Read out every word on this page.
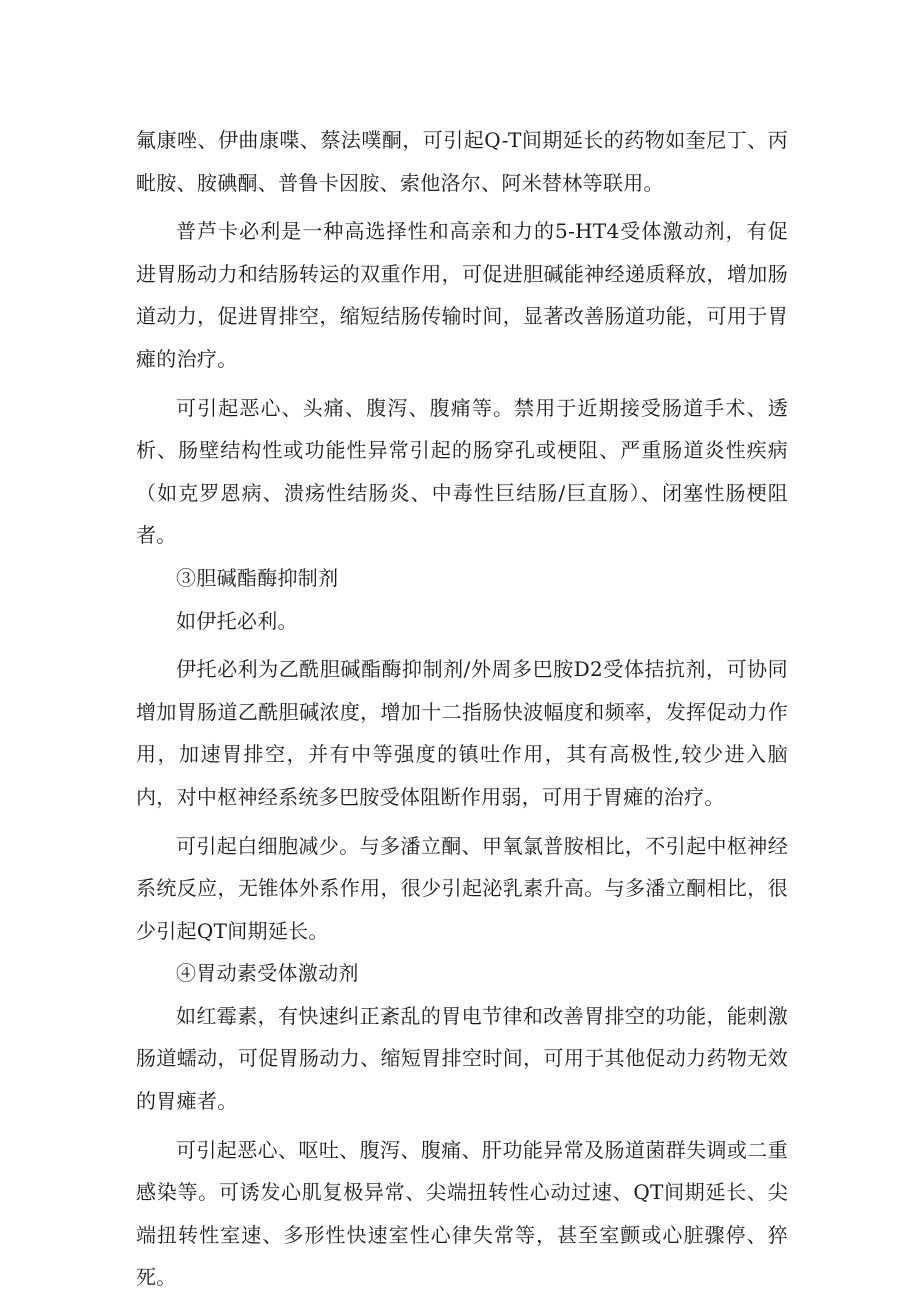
氟康唑、伊曲康喋、蔡法噗酮，可引起Q-T间期延长的药物如奎尼丁、丙毗胺、胺碘酮、普鲁卡因胺、索他洛尔、阿米替林等联用。

普芦卡必利是一种高选择性和高亲和力的5-HT4受体激动剂，有促进胃肠动力和结肠转运的双重作用，可促进胆碱能神经递质释放，增加肠道动力，促进胃排空，缩短结肠传输时间，显著改善肠道功能，可用于胃瘫的治疗。

可引起恶心、头痛、腹泻、腹痛等。禁用于近期接受肠道手术、透析、肠壁结构性或功能性异常引起的肠穿孔或梗阻、严重肠道炎性疾病（如克罗恩病、溃疡性结肠炎、中毒性巨结肠/巨直肠）、闭塞性肠梗阻者。

③胆碱酯酶抑制剂

如伊托必利。

伊托必利为乙酰胆碱酯酶抑制剂/外周多巴胺D2受体拮抗剂，可协同增加胃肠道乙酰胆碱浓度，增加十二指肠快波幅度和频率，发挥促动力作用，加速胃排空，并有中等强度的镇吐作用，其有高极性,较少进入脑内，对中枢神经系统多巴胺受体阻断作用弱，可用于胃瘫的治疗。

可引起白细胞减少。与多潘立酮、甲氧氯普胺相比，不引起中枢神经系统反应，无锥体外系作用，很少引起泌乳素升高。与多潘立酮相比，很少引起QT间期延长。

④胃动素受体激动剂

如红霉素，有快速纠正紊乱的胃电节律和改善胃排空的功能，能刺激肠道蠕动，可促胃肠动力、缩短胃排空时间，可用于其他促动力药物无效的胃瘫者。

可引起恶心、呕吐、腹泻、腹痛、肝功能异常及肠道菌群失调或二重感染等。可诱发心肌复极异常、尖端扭转性心动过速、QT间期延长、尖端扭转性室速、多形性快速室性心律失常等，甚至室颤或心脏骤停、猝死。
